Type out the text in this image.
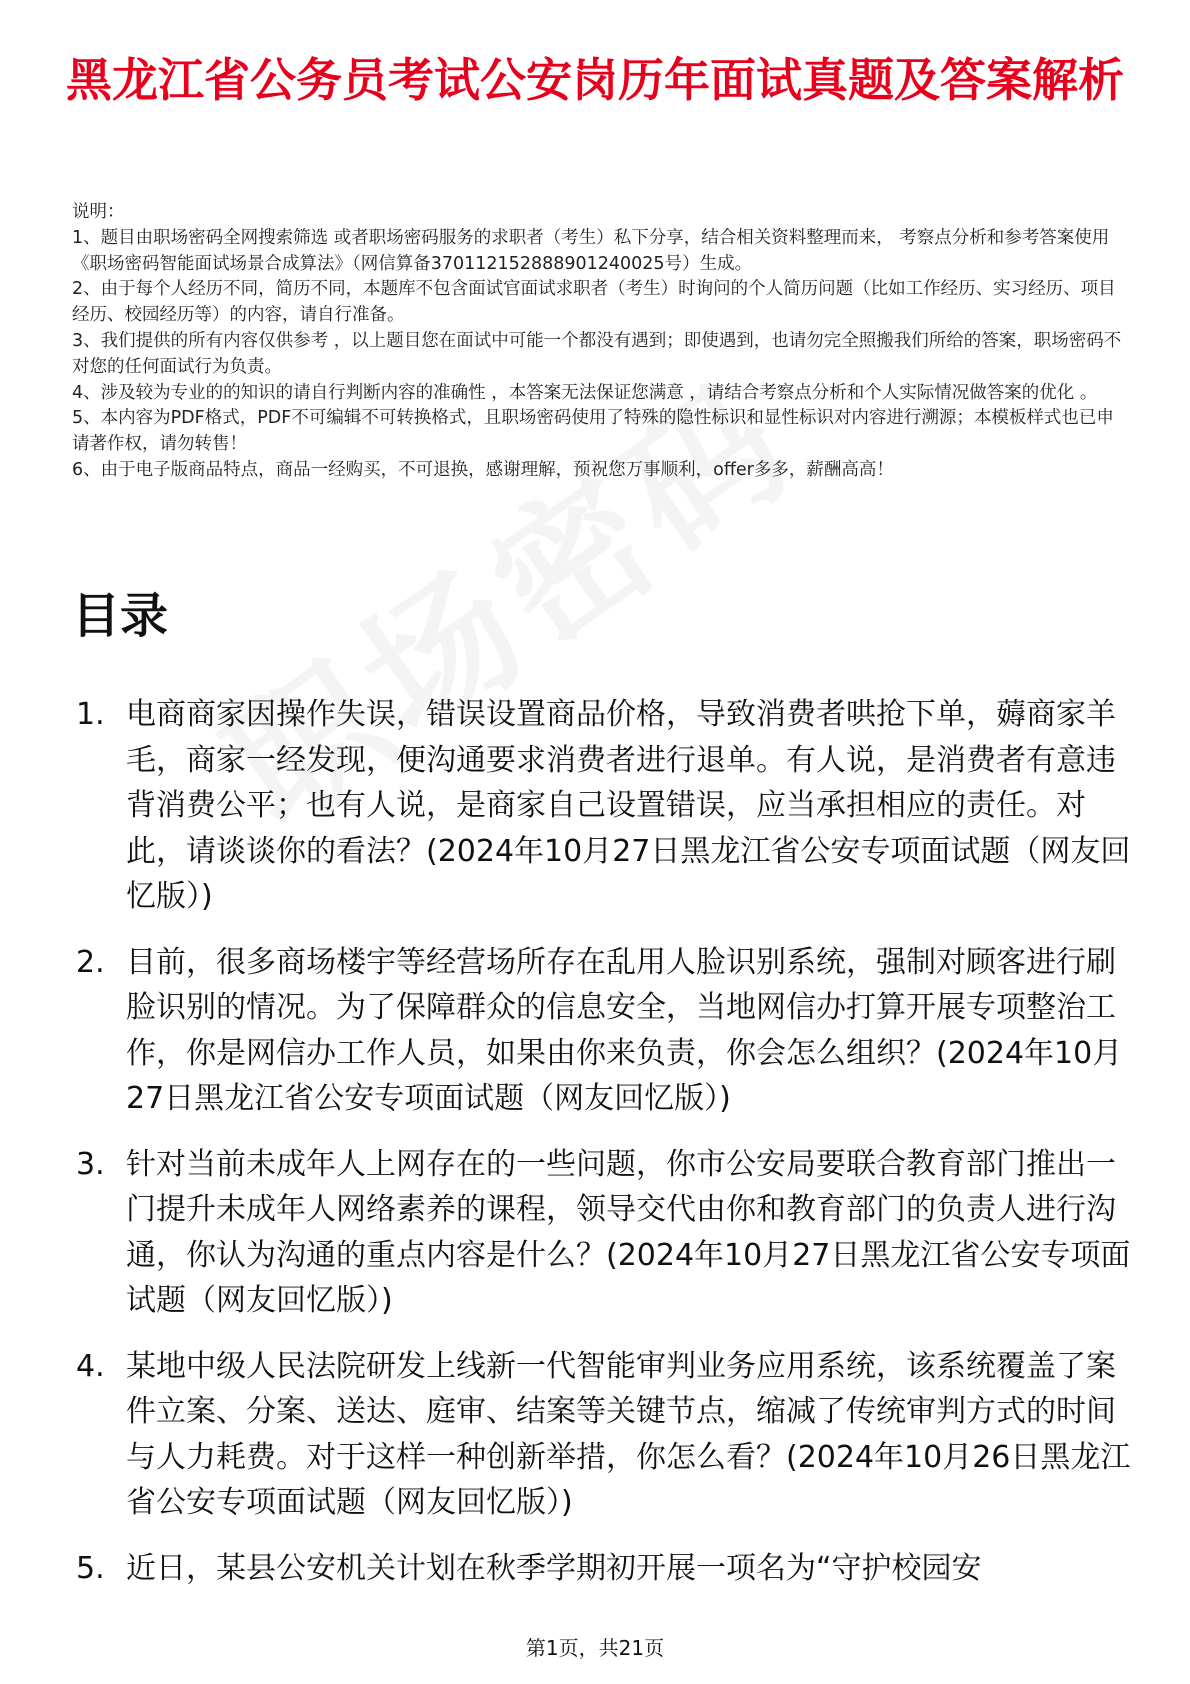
黑龙江省公务员考试公安岗历年面试真题及答案解析
说明：
1、题目由职场密码全网搜索筛选 或者职场密码服务的求职者（考生）私下分享，结合相关资料整理而来， 考察点分析和参考答案使用《职场密码智能面试场景合成算法》（网信算备370112152888901240025号）生成。
2、由于每个人经历不同，简历不同，本题库不包含面试官面试求职者（考生）时询问的个人简历问题（比如工作经历、实习经历、项目经历、校园经历等）的内容，请自行准备。
3、我们提供的所有内容仅供参考 ，以上题目您在面试中可能一个都没有遇到；即使遇到，也请勿完全照搬我们所给的答案，职场密码不对您的任何面试行为负责。
4、涉及较为专业的的知识的请自行判断内容的准确性 ，本答案无法保证您满意 ，请结合考察点分析和个人实际情况做答案的优化 。
5、本内容为PDF格式，PDF不可编辑不可转换格式，且职场密码使用了特殊的隐性标识和显性标识对内容进行溯源；本模板样式也已申请著作权，请勿转售！
6、由于电子版商品特点，商品一经购买，不可退换，感谢理解，预祝您万事顺利，offer多多，薪酬高高！
目录
1. 电商商家因操作失误，错误设置商品价格，导致消费者哄抢下单，薅商家羊毛，商家一经发现，便沟通要求消费者进行退单。有人说，是消费者有意违背消费公平；也有人说，是商家自己设置错误，应当承担相应的责任。对此，请谈谈你的看法？(2024年10月27日黑龙江省公安专项面试题（网友回忆版）)
2. 目前，很多商场楼宇等经营场所存在乱用人脸识别系统，强制对顾客进行刷脸识别的情况。为了保障群众的信息安全，当地网信办打算开展专项整治工作，你是网信办工作人员，如果由你来负责，你会怎么组织？(2024年10月27日黑龙江省公安专项面试题（网友回忆版）)
3. 针对当前未成年人上网存在的一些问题，你市公安局要联合教育部门推出一门提升未成年人网络素养的课程，领导交代由你和教育部门的负责人进行沟通，你认为沟通的重点内容是什么？(2024年10月27日黑龙江省公安专项面试题（网友回忆版）)
4. 某地中级人民法院研发上线新一代智能审判业务应用系统，该系统覆盖了案件立案、分案、送达、庭审、结案等关键节点，缩减了传统审判方式的时间与人力耗费。对于这样一种创新举措，你怎么看？(2024年10月26日黑龙江省公安专项面试题（网友回忆版）)
5. 近日，某县公安机关计划在秋季学期初开展一项名为“守护校园安
第1页，共21页
